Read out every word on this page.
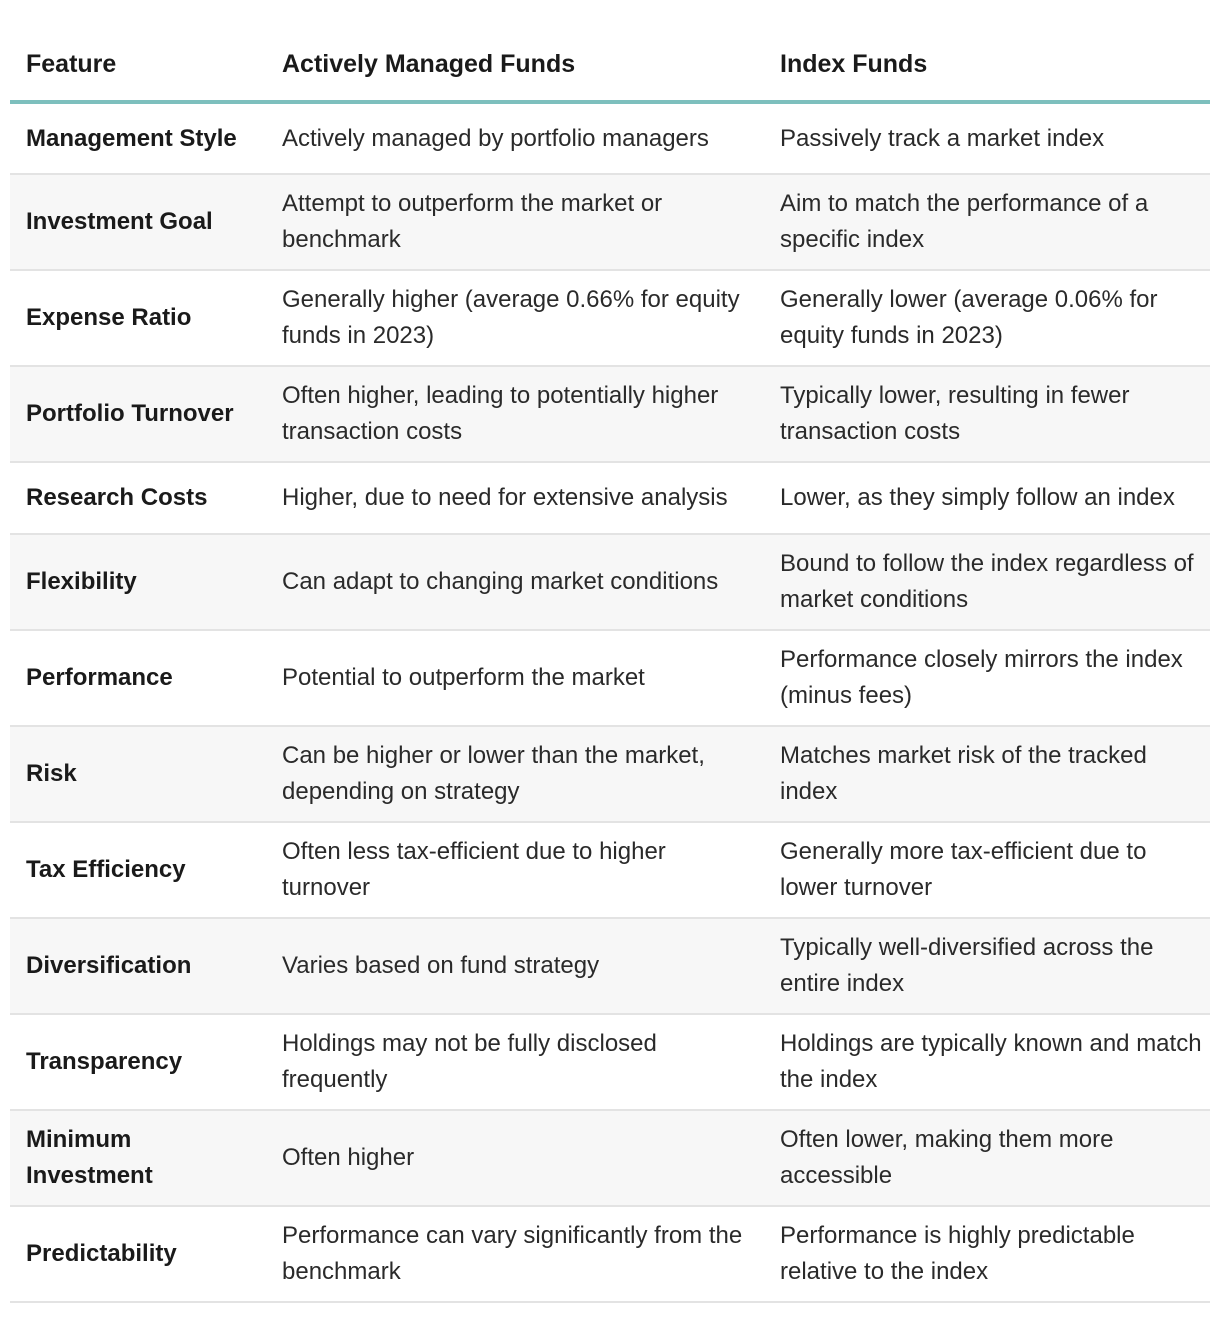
Feature	Actively Managed Funds	Index Funds
Management Style	Actively managed by portfolio managers	Passively track a market index
Investment Goal	Attempt to outperform the market or benchmark	Aim to match the performance of a specific index
Expense Ratio	Generally higher (average 0.66% for equity funds in 2023)	Generally lower (average 0.06% for equity funds in 2023)
Portfolio Turnover	Often higher, leading to potentially higher transaction costs	Typically lower, resulting in fewer transaction costs
Research Costs	Higher, due to need for extensive analysis	Lower, as they simply follow an index
Flexibility	Can adapt to changing market conditions	Bound to follow the index regardless of market conditions
Performance	Potential to outperform the market	Performance closely mirrors the index (minus fees)
Risk	Can be higher or lower than the market, depending on strategy	Matches market risk of the tracked index
Tax Efficiency	Often less tax-efficient due to higher turnover	Generally more tax-efficient due to lower turnover
Diversification	Varies based on fund strategy	Typically well-diversified across the entire index
Transparency	Holdings may not be fully disclosed frequently	Holdings are typically known and match the index
Minimum Investment	Often higher	Often lower, making them more accessible
Predictability	Performance can vary significantly from the benchmark	Performance is highly predictable relative to the index
